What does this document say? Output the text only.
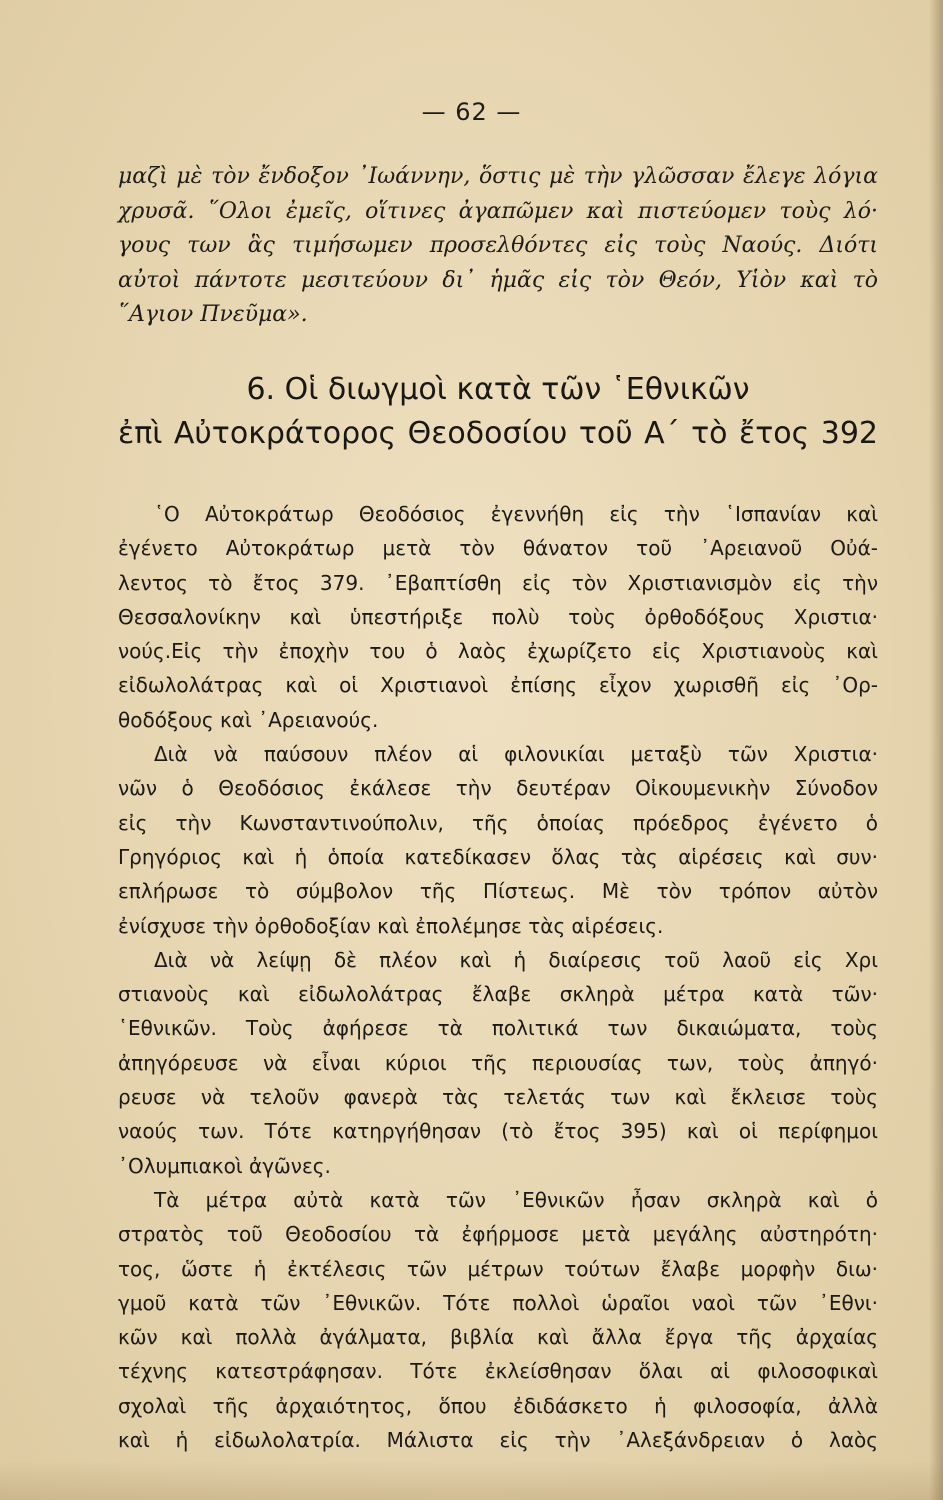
— 62 —
μαζὶ μὲ τὸν ἔνδοξον ᾽Ιωάννην, ὅστις μὲ τὴν γλῶσσαν ἔλεγε λόγια
χρυσᾶ. ῞Ολοι ἐμεῖς, οἵτινες ἀγαπῶμεν καὶ πιστεύομεν τοὺς λό·
γους των ἃς τιμήσωμεν προσελθόντες εἰς τοὺς Ναούς. Διότι
αὐτοὶ πάντοτε μεσιτεύουν δι᾽ ἡμᾶς εἰς τὸν Θεόν, Υἱὸν καὶ τὸ
῞Αγιον Πνεῦμα».
6. Οἱ διωγμοὶ κατὰ τῶν ῾Εθνικῶν
ἐπὶ Αὐτοκράτορος Θεοδοσίου τοῦ Α΄ τὸ ἔτος 392
῾Ο Αὐτοκράτωρ Θεοδόσιος ἐγεννήθη εἰς τὴν ῾Ισπανίαν καὶ
ἐγένετο Αὐτοκράτωρ μετὰ τὸν θάνατον τοῦ ᾽Αρειανοῦ Οὐά-
λεντος τὸ ἔτος 379. ᾽Εβαπτίσθη εἰς τὸν Χριστιανισμὸν εἰς τὴν
Θεσσαλονίκην καὶ ὑπεστήριξε πολὺ τοὺς ὀρθοδόξους Χριστια·
νούς.Εἰς τὴν ἐποχὴν του ὁ λαὸς ἐχωρίζετο εἰς Χριστιανοὺς καὶ
εἰδωλολάτρας καὶ οἱ Χριστιανοὶ ἐπίσης εἶχον χωρισθῆ εἰς ᾽Ορ-
θοδόξους καὶ ᾽Αρειανούς.
Διὰ νὰ παύσουν πλέον αἱ φιλονικίαι μεταξὺ τῶν Χριστια·
νῶν ὁ Θεοδόσιος ἐκάλεσε τὴν δευτέραν Οἰκουμενικὴν Σύνοδον
εἰς τὴν Κωνσταντινούπολιν, τῆς ὁποίας πρόεδρος ἐγένετο ὁ
Γρηγόριος καὶ ἡ ὁποία κατεδίκασεν ὅλας τὰς αἱρέσεις καὶ συν·
επλήρωσε τὸ σύμβολον τῆς Πίστεως. Μὲ τὸν τρόπον αὐτὸν
ἐνίσχυσε τὴν ὀρθοδοξίαν καὶ ἐπολέμησε τὰς αἱρέσεις.
Διὰ νὰ λείψῃ δὲ πλέον καὶ ἡ διαίρεσις τοῦ λαοῦ εἰς Χρι
στιανοὺς καὶ εἰδωλολάτρας ἔλαβε σκληρὰ μέτρα κατὰ τῶν·
῾Εθνικῶν. Τοὺς ἀφήρεσε τὰ πολιτικά των δικαιώματα, τοὺς
ἀπηγόρευσε νὰ εἶναι κύριοι τῆς περιουσίας των, τοὺς ἀπηγό·
ρευσε νὰ τελοῦν φανερὰ τὰς τελετάς των καὶ ἔκλεισε τοὺς
ναούς των. Τότε κατηργήθησαν (τὸ ἔτος 395) καὶ οἱ περίφημοι
᾽Ολυμπιακοὶ ἀγῶνες.
Τὰ μέτρα αὐτὰ κατὰ τῶν ᾽Εθνικῶν ἦσαν σκληρὰ καὶ ὁ
στρατὸς τοῦ Θεοδοσίου τὰ ἐφήρμοσε μετὰ μεγάλης αὐστηρότη·
τος, ὥστε ἡ ἐκτέλεσις τῶν μέτρων τούτων ἔλαβε μορφὴν διω·
γμοῦ κατὰ τῶν ᾽Εθνικῶν. Τότε πολλοὶ ὡραῖοι ναοὶ τῶν ᾽Εθνι·
κῶν καὶ πολλὰ ἀγάλματα, βιβλία καὶ ἄλλα ἔργα τῆς ἀρχαίας
τέχνης κατεστράφησαν. Τότε ἐκλείσθησαν ὅλαι αἱ φιλοσοφικαὶ
σχολαὶ τῆς ἀρχαιότητος, ὅπου ἐδιδάσκετο ἡ φιλοσοφία, ἀλλὰ
καὶ ἡ εἰδωλολατρία. Μάλιστα εἰς τὴν ᾽Αλεξάνδρειαν ὁ λαὸς
